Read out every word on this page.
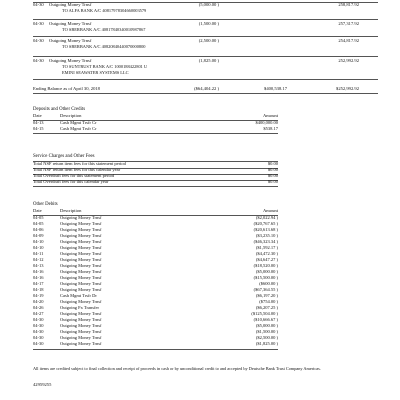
04-30 Outgoing Money Trnsf	(5,000.00 )	258,817.92
TO ALFA BANK A/C 40817978304660003579
04-30 Outgoing Money Trnsf	(1,500.00 )	257,317.92
TO SBERBANK A/C 40817840340010987867
04-30 Outgoing Money Trnsf	(2,500.00 )	254,817.92
TO SBERBANK A/C 40820840440070000800
04-30 Outgoing Money Trnsf	(1,825.00 )	252,992.92
TO SUNTRUST BANK A/C 1000188422801 U
EMINI SEAWATER SYSTEMS LLC
Ending Balance as of April 30, 2018	($64,404.22 )	$400,538.17	$252,992.92
Deposits and Other Credits
Date	Description	Amount
04-13	Cash Mgmt Trsfr Cr	$400,000.00
04-15	Cash Mgmt Trsfr Cr	$538.17
Service Charges and Other Fees
Total NSF return item fees for this statement period	$0.00
Total NSF return item fees for this calendar year	$0.00
Total Overdraft fees for this statement period	$0.00
Total Overdraft fees for this calendar year	$0.00
Other Debits
Date	Description	Amount
04-05	Outgoing Money Trnsf	($2,022.94 )
04-05	Outgoing Money Trnsf	($20,767.65 )
04-06	Outgoing Money Trnsf	($20,613.68 )
04-09	Outgoing Money Trnsf	($3,235.10 )
04-10	Outgoing Money Trnsf	($46,323.34 )
04-10	Outgoing Money Trnsf	($1,592.17 )
04-11	Outgoing Money Trnsf	($4,472.30 )
04-12	Outgoing Money Trnsf	($4,647.27 )
04-13	Outgoing Money Trnsf	($18,520.00 )
04-16	Outgoing Money Trnsf	($5,000.00 )
04-16	Outgoing Money Trnsf	($15,500.00 )
04-17	Outgoing Money Trnsf	($600.00 )
04-18	Outgoing Money Trnsf	($67,364.55 )
04-19	Cash Mgmt Trsfr Dr	($6,197.20 )
04-20	Outgoing Money Trnsf	($754.00 )
04-26	Outgoing Fx Transfer	($6,207.25 )
04-27	Outgoing Money Trnsf	($125,504.00 )
04-30	Outgoing Money Trnsf	($10,666.67 )
04-30	Outgoing Money Trnsf	($5,000.00 )
04-30	Outgoing Money Trnsf	($1,500.00 )
04-30	Outgoing Money Trnsf	($2,500.00 )
04-30	Outgoing Money Trnsf	($1,825.00 )
All items are credited subject to final collection and receipt of proceeds in cash or by unconditional credit to and accepted by Deutsche Bank Trust Company Americas.
42959255
